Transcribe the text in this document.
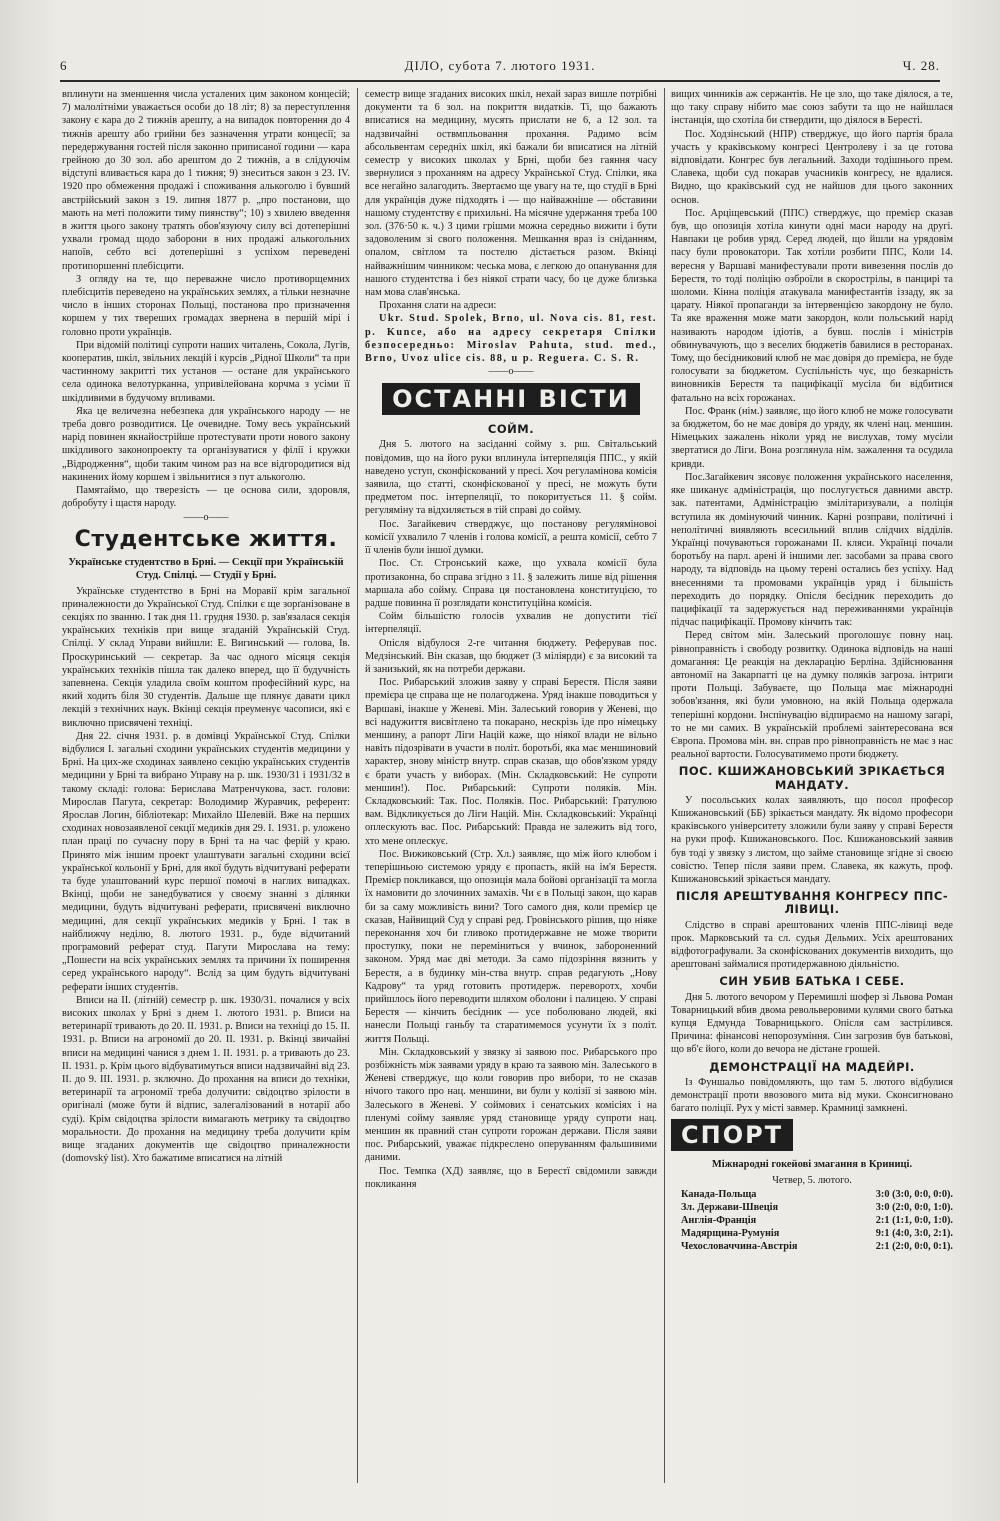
6	ДІЛО, субота 7. лютого 1931.	Ч. 28.

вплинути на зменшення числа усталених цим законом концесій; 7) малолітніми уважається особи до 18 літ; 8) за переступлення закону є кара до 2 тижнів арешту, а на випадок повторення до 4 тижнів арешту або грийни без зазначення утрати концесії; за передержування гостей після законно приписаної години — кара грейною до 30 зол. або арештом до 2 тижнів, а в слідуючім відступі вливається кара до 1 тижня; 9) знеситься закон з 23. IV. 1920 про обмеження продажі і споживання алькоголю і бувший австрійський закон з 19. липня 1877 р. „про постанови, що мають на меті положити тиму пиянству“; 10) з хвилею введення в життя цього закону тратять обов'язуючу силу всі дотеперішні ухвали громад щодо заборони в них продажі алькогольних напоїв, себто всі дотеперішні з успіхом переведені протипоршенні плебісцити.

З огляду на те, що переважне число противорщемних плебісцитів переведено на українських землях, а тільки незначне число в інших сторонах Польщі, постанова про призначення коршем у тих твереших громадах звернена в першій мірі і головно проти українців.

При відомій політиці супроти наших читалень, Сокола, Лугів, кооператив, шкіл, звільних лекцій і курсів „Рідної Школи“ та при частинному закритті тих установ — остане для українського села одинока велотурканна, упривілейована корчма з усіми її шкідливими в будучому впливами.

Яка це величезна небезпека для українського народу — не треба довго розводитися. Це очевидне. Тому весь український нарід повинен якнайострійше протестувати проти нового закону шкідливого законопроекту та організуватися у філії і кружки „Відродження“, щоби таким чином раз на все відгородитися від накинених йому коршем і звільнитися з пут алькоголю.

Памятаймо, що тверезість — це основа сили, здоровля, добробуту і щастя народу.

——o——
Студентське життя.
Українське студентство в Брні. — Секції при Українській Студ. Спілці. — Студії у Брні.

Українське студентство в Брні на Моравії крім загальної приналежности до Української Студ. Спілки є ще зорґанізоване в секціях по званню. І так дня 11. грудня 1930. р. зав'язалася секція українських техніків при вище згаданій Українській Студ. Спілці. У склад Управи вийшли: Е. Вигинський — голова, Ів. Проскуринський — секретар. За час одного місяця секція українських техніків пішла так далеко вперед, що її будучність запевнена. Секція уладила своїм коштом професійний курс, на який ходить біля 30 студентів. Дальше ще плянує давати цикл лекцій з технічних наук. Вкінці секція преуменує часописи, які є виключно присвячені техніці.

Дня 22. січня 1931. р. в домівці Української Студ. Спілки відбулися І. загальні сходини українських студентів медицини у Брні. На цих-же сходинах заявлено секцію українських студентів медицини у Брні та вибрано Управу на р. шк. 1930/31 і 1931/32 в такому складі: голова: Берислава Матренчукова, заст. голови: Мирослав Пагута, секретар: Володимир Журавчик, референт: Ярослав Логин, бібліотекар: Михайло Шелевій. Вже на перших сходинах новозаявленої секції медиків дня 29. І. 1931. р. уложено план праці по сучасну пору в Брні та на час ферій у краю. Принято між іншим проект улаштувати загальні сходини всієї української кольонії у Брні, для якої будуть відчитувані реферати та буде улаштований курс першої помочі в наглих випадках. Вкінці, щоби не занедбуватися у своєму знанні з ділянки медицини, будуть відчитувані реферати, присвячені виключно медицині, для секції українських медиків у Брні. І так в найближчу неділю, 8. лютого 1931. р., буде відчитаний програмовий реферат студ. Пагути Мирослава на тему: „Пошести на всіх українських землях та причини їх поширення серед українського народу“. Вслід за цим будуть відчитувані реферати інших студентів.

Вписи на ІІ. (літній) семестр р. шк. 1930/31. почалися у всіх високих школах у Брні з днем 1. лютого 1931. р. Вписи на ветеринарії тривають до 20. ІІ. 1931. р. Вписи на техніці до 15. ІІ. 1931. р. Вписи на агрономії до 20. ІІ. 1931. р. Вкінці звичайні вписи на медицині чанися з днем 1. ІІ. 1931. р. а тривають до 23. ІІ. 1931. р. Крім цього відбуватимуться вписи надзвичайні від 23. ІІ. до 9. ІІІ. 1931. р. зключно. До прохання на вписи до техніки, ветеринарії та агрономії треба долучити: свідоцтво зрілости в оригіналі (може бути й відпис, залегалізований в нотарії або суді). Крім свідоцтва зрілости вимагають метрику та свідоцтво моральности. До прохання на медицину треба долучити крім вище згаданих документів ще свідоцтво приналежности (domovský list). Хто бажатиме вписатися на літній

семестр вище згаданих високих шкіл, нехай зараз вишле потрібні документи та 6 зол. на покриття видатків. Ті, що бажають вписатися на медицину, мусять прислати не 6, а 12 зол. та надзвичайні оствмпльовання прохання. Радимо всім абсольвентам середніх шкіл, які бажали би вписатися на літній семестр у високих школах у Брні, щоби без гаяння часу звернулися з проханням на адресу Української Студ. Спілки, яка все негайно залагодить. Звертаємо ще увагу на те, що студії в Брні для українців дуже підходять і — що найважніше — обставини нашому студентству є прихильні. На місячне удержання треба 100 зол. (376·50 к. ч.) З цими грішми можна середньо вижити і бути задоволеним зі свого положення. Мешкання враз із сніданням, опалом, світлом та постелю дістається разом. Вкінці найважнішим чинником: чеська мова, є легкою до опанування для нашого студентства і без ніякої страти часу, бо це дуже близька нам мова слав'янська.

Прохання слати на адреси:

Ukr. Stud. Spolek, Brno, ul. Nova cis. 81, rest. p. Kunce, або на адресу секретаря Спілки безпосередньо: Miroslav Pahuta, stud. med., Brno, Uvoz ulice cis. 88, u p. Reguera. C. S. R.

——o——
ОСТАННІ ВІСТИ
СОЙМ.

Дня 5. лютого на засіданні сойму з. рш. Світальський повідомив, що на його руки вплинула інтерпеляція ППС., у якій наведено уступ, сконфіскований у пресі. Хоч регуламінова комісія заявила, що статті, сконфіскованої у пресі, не можуть бути предметом пос. інтерпеляції, то покоритується 11. § сойм. регуляміну та відхиляється в тій справі до сойму.

Пос. Загайкевич стверджує, що постанову регуляміновоi комісії ухвалило 7 членів і голова комісії, а решта комісії, себто 7 її членів були іншої думки.

Пос. Ст. Стронський каже, що ухвала комісії була протизаконна, бо справа згідно з 11. § залежить лише від рішення маршала або сойму. Справа ця постановлена конституцією, то радше повинна її розглядати конституційна комісія.

Сойм більшістю голосів ухвалив не допустити тієї інтерпеляції.

Опісля відбулося 2-ге читання бюджету. Реферував пос. Медзінський. Він сказав, що бюджет (3 міліярди) є за високий та й занизький, як на потреби держави.

Пос. Рибарський зложив заяву у справі Берестя. Після заяви премієра це справа ще не полагоджена. Уряд інакше поводиться у Варшаві, інакше у Женеві. Мін. Залеський говорив у Женеві, що всі надужиття висвітлено та покарано, нескрізь іде про німецьку меншину, а рапорт Ліги Націй каже, що ніякої влади не вільно навіть підозрівати в участи в політ. боротьбі, яка має меншиновий характер, знову міністр внутр. справ сказав, що обов'язком уряду є брати участь у виборах. (Мін. Складковський: Не супроти меншин!). Пос. Рибарський: Супроти поляків. Мін. Складковський: Так. Пос. Поляків. Пос. Рибарський: Гратулюю вам. Відкликується до Ліги Націй. Мін. Складковський: Українці оплескують вас. Пос. Рибарський: Правда не залежить від того, хто мене оплескує.

Пос. Вижиковський (Стр. Хл.) заявляє, що між його клюбом і теперішньою системою уряду є пропасть, якій на ім'я Берестя. Премієр покликався, що опозиція мала бойові організації та могла їх намовити до злочинних замахів. Чи є в Польщі закон, що карав би за саму можливість вини? Того самого дня, коли премієр це сказав, Найвищий Суд у справі ред. Гровінського рішив, що ніяке переконання хоч би гливоко протидержавне не може творити проступку, поки не переміниться у вчинок, забороненний законом. Уряд має дві методи. За само підозріння вязнить у Берестя, а в будинку мін-ства внутр. справ редагують „Нову Кадрову“ та уряд готовить протидерж. переворотх, хочби прийшлось його переводити шляхом оболони і палицею. У справі Берестя — кінчить бесідник — усе поболювано людей, які нанесли Польщі ганьбу та старатимемося усунути їх з політ. життя Польщі.

Мін. Складковський у звязку зі заявою пос. Рибарського про розбіжність між заявами уряду в краю та заявою мін. Залеського в Женеві стверджує, що коли говорив про вибори, то не сказав нічого такого про нац. меншини, ви були у колізії зі заявою мін. Залеського в Женеві. У соймових і сенатських комісіях і на пленумі сойму заявляє уряд становище уряду супроти нац. меншин як правний стан супроти горожан держави. Після заяви пос. Рибарський, уважає підкреслено оперуванням фальшивими даними.

Пос. Темпка (ХД) заявляє, що в Берестї свідомили завжди покликання

вищих чинників аж сержантів. Не це зло, що таке діялося, а те, що таку справу нібито має союз забути та що не найшлася інстанція, що схотіла би ствердити, що діялося в Бересті.

Пос. Ходзінський (НПР) стверджує, що його партія брала участь у краківському конгресі Центролеву і за це готова відповідати. Конгрес був легальний. Заходи тодішнього прем. Славека, щоби суд покарав учасників конгресу, не вдалися. Видно, що краківський суд не найшов для цього законних основ.

Пос. Арціщевський (ППС) стверджує, що премієр сказав був, що опозиція хотіла кинути одні маси народу на другі. Навпаки це робив уряд. Серед людей, що йшли на урядовім пасу були провокатори. Так хотіли розбити ППС, Коли 14. вересня у Варшаві манифестували проти вивезення послів до Берестя, то тоді поліцію озброїли в скорострілы, в панцирі та шоломи. Кінна поліція атакувала манифестантів іззаду, як за царату. Ніякої пропаганди за інтервенцією закордону не було. Та яке враження може мати закордон, коли польський нарід називають народом ідіотів, а бувш. послів і міністрів обвинувачують, що з веселих бюджетів бавилися в ресторанах. Тому, що бесідниковий клюб не має довіря до премієра, не буде голосувати за бюджетом. Суспільність чує, що безкарність виновників Берестя та пацифікації мусіла би відбитися фатально на всіх горожанах.

Пос. Франк (нім.) заявляє, що його клюб не може голосувати за бюджетом, бо не має довіря до уряду, як члені нац. меншин. Німецьких зажалень ніколи уряд не вислухав, тому мусіли звертатися до Ліги. Вона розглянула нім. зажалення та осудила кривди.

Пос.Загайкевич зясовує положення українського населення, яке шиканує адміністрація, що послугується давними австр. зак. патентами, Адміністрацію змілітаризували, а поліція вступила як домінуючий чинник. Карні розправи, політичні і неполітичні виявляють всесильний вплив слідчих відділів. Українці почуваються горожанами ІІ. кляси. Українці почали боротьбу на парл. арені й іншими лег. засобами за права свого народу, та відповідь на цьому терені остались без успіху. Над внесеннями та промовами українців уряд і більшість переходить до порядку. Опісля бесідник переходить до пацифікації та задержується над переживаннями українців підчас пацифікації. Промову кінчить так:

Перед світом мін. Залеський проголошує повну нац. рівноправність і свободу розвитку. Одинока відповідь на наші домагання: Це реакція на декларацію Берліна. Здійснювання автономії на Закарпатті це на думку поляків загроза. інтриги проти Польщі. Забуваєте, що Польща має міжнародні зобов'язання, які були умовною, на якій Польща одержала теперішні кордони. Інспінувацію відпираємо на нашому загарі, то не ми самих. В українській проблемі заінтересована вся Європа. Промова мін. вн. справ про рівноправність не має з нас реальної вартости. Голосуватимемо проти бюджету.

ПОС. КШИЖАНОВСЬКИЙ ЗРІКАЄТЬСЯ МАНДАТУ.

У посольських колах заявляють, що посол професор Кшижановський (ББ) зрікається мандату. Як відомо професори краківського університету зложили були заяву у справі Берестя на руки проф. Кшижановського. Пос. Кшижановський заявив був тоді у звязку з листом, що займе становище згідне зі своєю совістю. Тепер після заяви прем. Славека, як кажуть, проф. Кшижановський зрікається мандату.

ПІСЛЯ АРЕШТУВАННЯ КОНГРЕСУ ППС-ЛІВИЦІ.

Слідство в справі арештованих членів ППС-лівиці веде прок. Марковський та сл. судья Дельмих. Усіх арештованих відфотографували. За сконфіскованих документів виходить, що арештовані займалися протидержавною діяльністю.

СИН УБИВ БАТЬКА І СЕБЕ.

Дня 5. лютого вечором у Перемишлі шофер зі Львова Роман Товарницький вбив двома револьверовими кулями свого батька купця Едмунда Товарницького. Опісля сам застрілився. Причина: фінансові непорозуміння. Син загрозив був батькові, що вб'є його, коли до вечора не дістане грошей.

ДЕМОНСТРАЦІЇ НА МАДЕЙРІ.

Із Фуншальо повідомляють, що там 5. лютого відбулися демонстрації проти ввозового мита від муки. Сконсигновано багато поліції. Рух у місті завмер. Крамниці замкнені.

СПОРТ
Міжнародні гокейові змагання в Криниці.
Четвер, 5. лютого.
Канада-Польща	3:0 (3:0, 0:0, 0:0).
Зл. Держави-Швеція	3:0 (2:0, 0:0, 1:0).
Англія-Франція	2:1 (1:1, 0:0, 1:0).
Мадярщина-Румунія	9:1 (4:0, 3:0, 2:1).
Чехословаччина-Австрія	2:1 (2:0, 0:0, 0:1).
